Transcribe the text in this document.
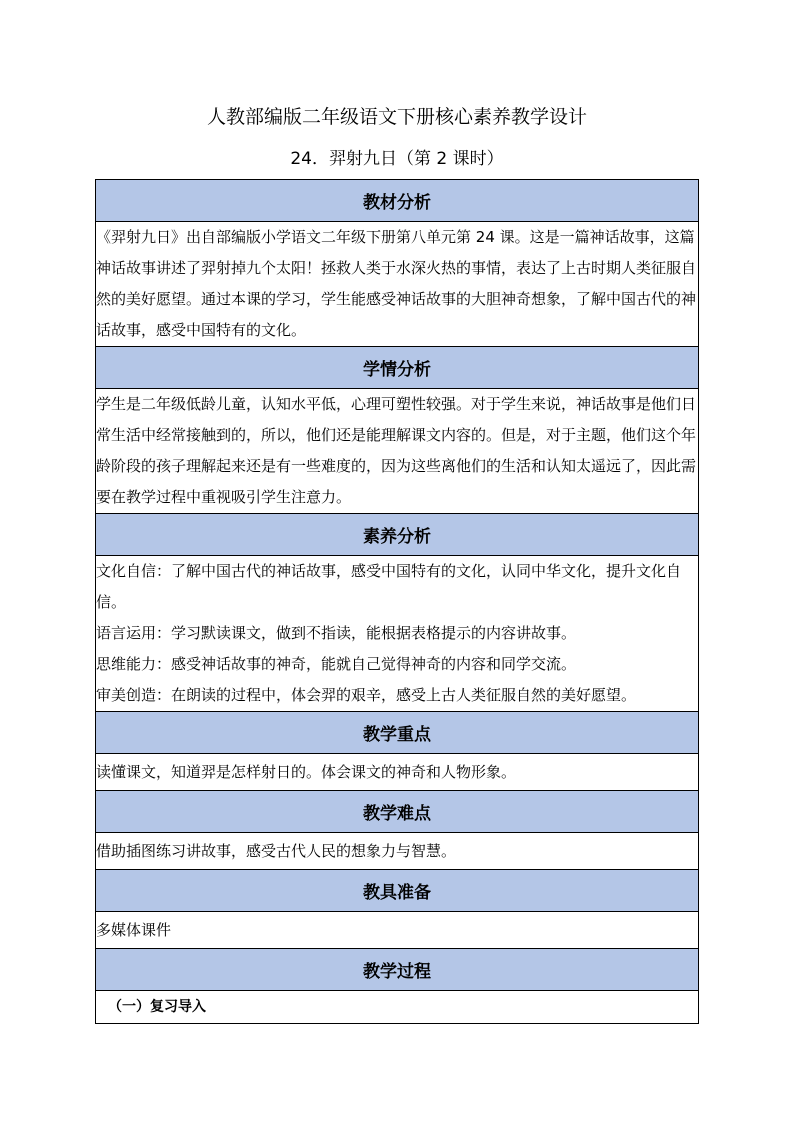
人教部编版二年级语文下册核心素养教学设计
24．羿射九日（第 2 课时）
教材分析

《羿射九日》出自部编版小学语文二年级下册第八单元第 24 课。这是一篇神话故事，这篇神话故事讲述了羿射掉九个太阳！拯救人类于水深火热的事情，表达了上古时期人类征服自然的美好愿望。通过本课的学习，学生能感受神话故事的大胆神奇想象，了解中国古代的神话故事，感受中国特有的文化。

学情分析

学生是二年级低龄儿童，认知水平低，心理可塑性较强。对于学生来说，神话故事是他们日常生活中经常接触到的，所以，他们还是能理解课文内容的。但是，对于主题，他们这个年龄阶段的孩子理解起来还是有一些难度的，因为这些离他们的生活和认知太遥远了，因此需要在教学过程中重视吸引学生注意力。

素养分析

文化自信：了解中国古代的神话故事，感受中国特有的文化，认同中华文化，提升文化自信。

语言运用：学习默读课文，做到不指读，能根据表格提示的内容讲故事。

思维能力：感受神话故事的神奇，能就自己觉得神奇的内容和同学交流。

审美创造：在朗读的过程中，体会羿的艰辛，感受上古人类征服自然的美好愿望。

教学重点

读懂课文，知道羿是怎样射日的。体会课文的神奇和人物形象。

教学难点

借助插图练习讲故事，感受古代人民的想象力与智慧。

教具准备

多媒体课件

教学过程

（一）复习导入
